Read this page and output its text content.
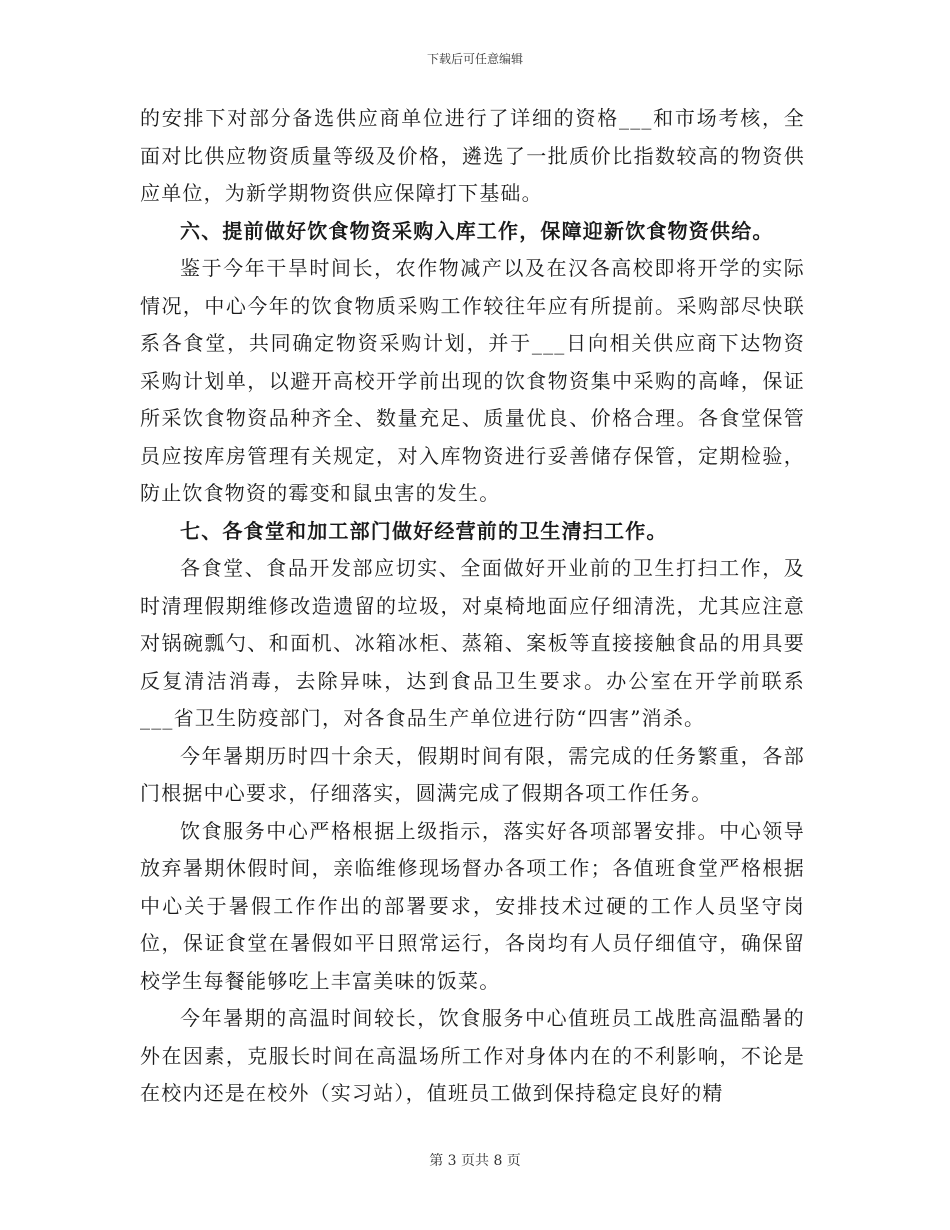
下载后可任意编辑

的安排下对部分备选供应商单位进行了详细的资格___和市场考核，全面对比供应物资质量等级及价格，遴选了一批质价比指数较高的物资供应单位，为新学期物资供应保障打下基础。

六、提前做好饮食物资采购入库工作，保障迎新饮食物资供给。

鉴于今年干旱时间长，农作物减产以及在汉各高校即将开学的实际情况，中心今年的饮食物质采购工作较往年应有所提前。采购部尽快联系各食堂，共同确定物资采购计划，并于___日向相关供应商下达物资采购计划单，以避开高校开学前出现的饮食物资集中采购的高峰，保证所采饮食物资品种齐全、数量充足、质量优良、价格合理。各食堂保管员应按库房管理有关规定，对入库物资进行妥善储存保管，定期检验，防止饮食物资的霉变和鼠虫害的发生。

七、各食堂和加工部门做好经营前的卫生清扫工作。

各食堂、食品开发部应切实、全面做好开业前的卫生打扫工作，及时清理假期维修改造遗留的垃圾，对桌椅地面应仔细清洗，尤其应注意对锅碗瓢勺、和面机、冰箱冰柜、蒸箱、案板等直接接触食品的用具要反复清洁消毒，去除异味，达到食品卫生要求。办公室在开学前联系___省卫生防疫部门，对各食品生产单位进行防“四害”消杀。

今年暑期历时四十余天，假期时间有限，需完成的任务繁重，各部门根据中心要求，仔细落实，圆满完成了假期各项工作任务。

饮食服务中心严格根据上级指示，落实好各项部署安排。中心领导放弃暑期休假时间，亲临维修现场督办各项工作；各值班食堂严格根据中心关于暑假工作作出的部署要求，安排技术过硬的工作人员坚守岗位，保证食堂在暑假如平日照常运行，各岗均有人员仔细值守，确保留校学生每餐能够吃上丰富美味的饭菜。

今年暑期的高温时间较长，饮食服务中心值班员工战胜高温酷暑的外在因素，克服长时间在高温场所工作对身体内在的不利影响，不论是在校内还是在校外（实习站），值班员工做到保持稳定良好的精

第 3 页共 8 页
